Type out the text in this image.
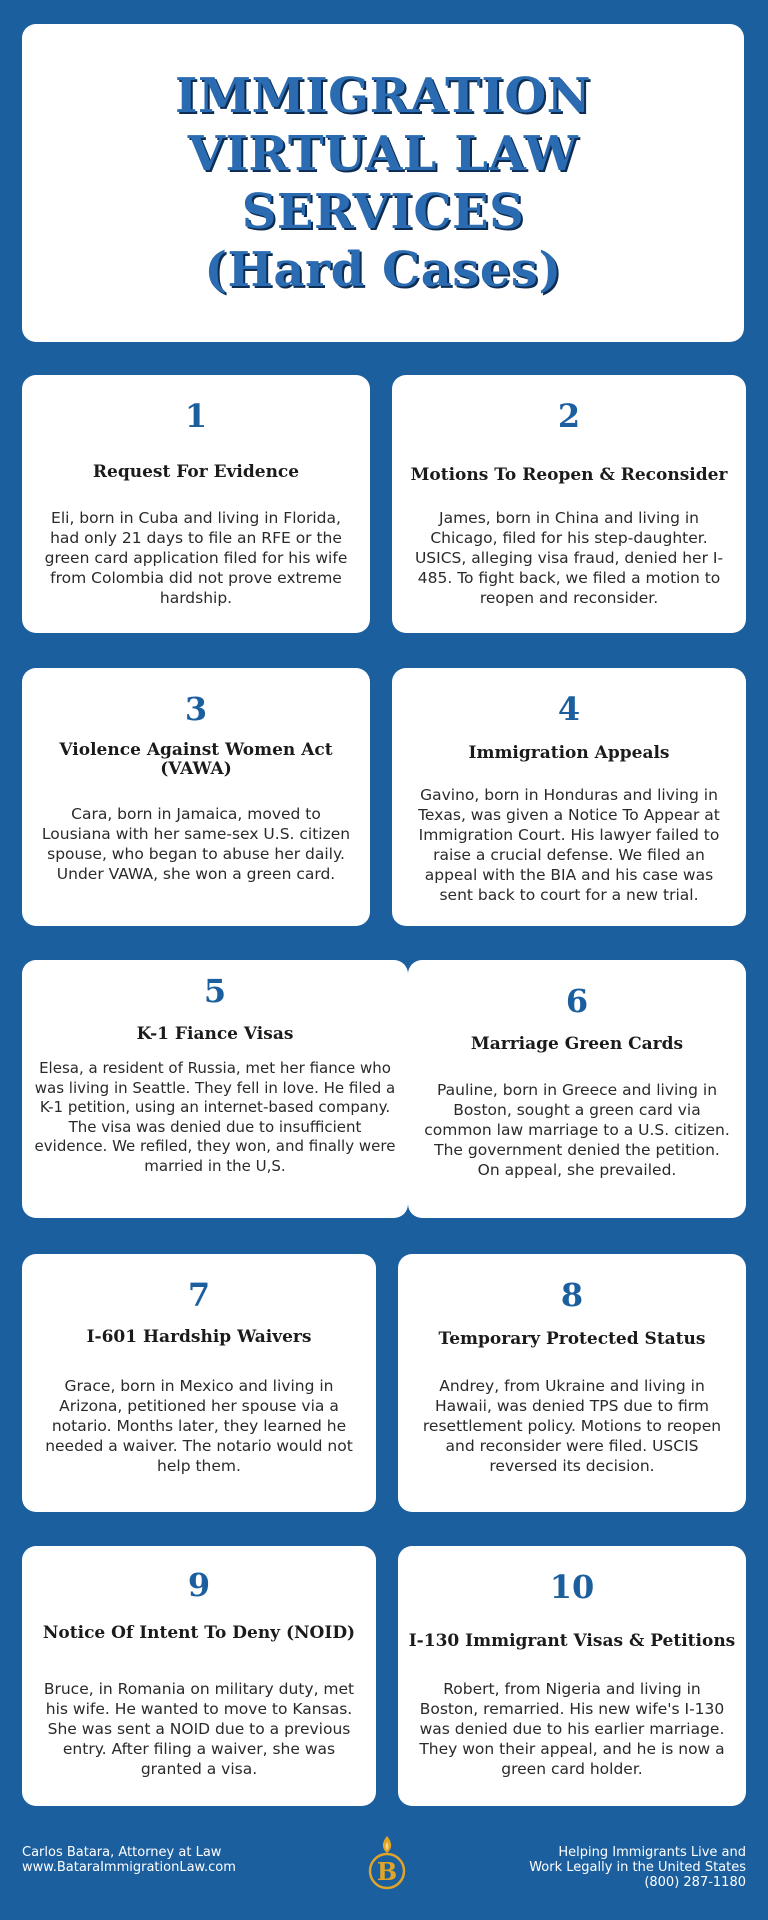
IMMIGRATION
VIRTUAL LAW
SERVICES
(Hard Cases)
1
Request For Evidence
Eli, born in Cuba and living in Florida, had only 21 days to file an RFE or the green card application filed for his wife from Colombia did not prove extreme hardship.
2
Motions To Reopen & Reconsider
James, born in China and living in Chicago, filed for his step-daughter. USICS, alleging visa fraud, denied her I-485. To fight back, we filed a motion to reopen and reconsider.
3
Violence Against Women Act (VAWA)
Cara, born in Jamaica, moved to Lousiana with her same-sex U.S. citizen spouse, who began to abuse her daily. Under VAWA, she won a green card.
4
Immigration Appeals
Gavino, born in Honduras and living in Texas, was given a Notice To Appear at Immigration Court. His lawyer failed to raise a crucial defense. We filed an appeal with the BIA and his case was sent back to court for a new trial.
5
K-1 Fiance Visas
Elesa, a resident of Russia, met her fiance who was living in Seattle. They fell in love. He filed a K-1 petition, using an internet-based company. The visa was denied due to insufficient evidence. We refiled, they won, and finally were married in the U,S.
6
Marriage Green Cards
Pauline, born in Greece and living in Boston, sought a green card via common law marriage to a U.S. citizen. The government denied the petition. On appeal, she prevailed.
7
I-601 Hardship Waivers
Grace, born in Mexico and living in Arizona, petitioned her spouse via a notario. Months later, they learned he needed a waiver. The notario would not help them.
8
Temporary Protected Status
Andrey, from Ukraine and living in Hawaii, was denied TPS due to firm resettlement policy. Motions to reopen and reconsider were filed. USCIS reversed its decision.
9
Notice Of Intent To Deny (NOID)
Bruce, in Romania on military duty, met his wife. He wanted to move to Kansas. She was sent a NOID due to a previous entry. After filing a waiver, she was granted a visa.
10
I-130 Immigrant Visas & Petitions
Robert, from Nigeria and living in Boston, remarried. His new wife's I-130 was denied due to his earlier marriage. They won their appeal, and he is now a green card holder.
Carlos Batara, Attorney at Law
www.BataraImmigrationLaw.com	B
Helping Immigrants Live and
Work Legally in the United States
(800) 287-1180
